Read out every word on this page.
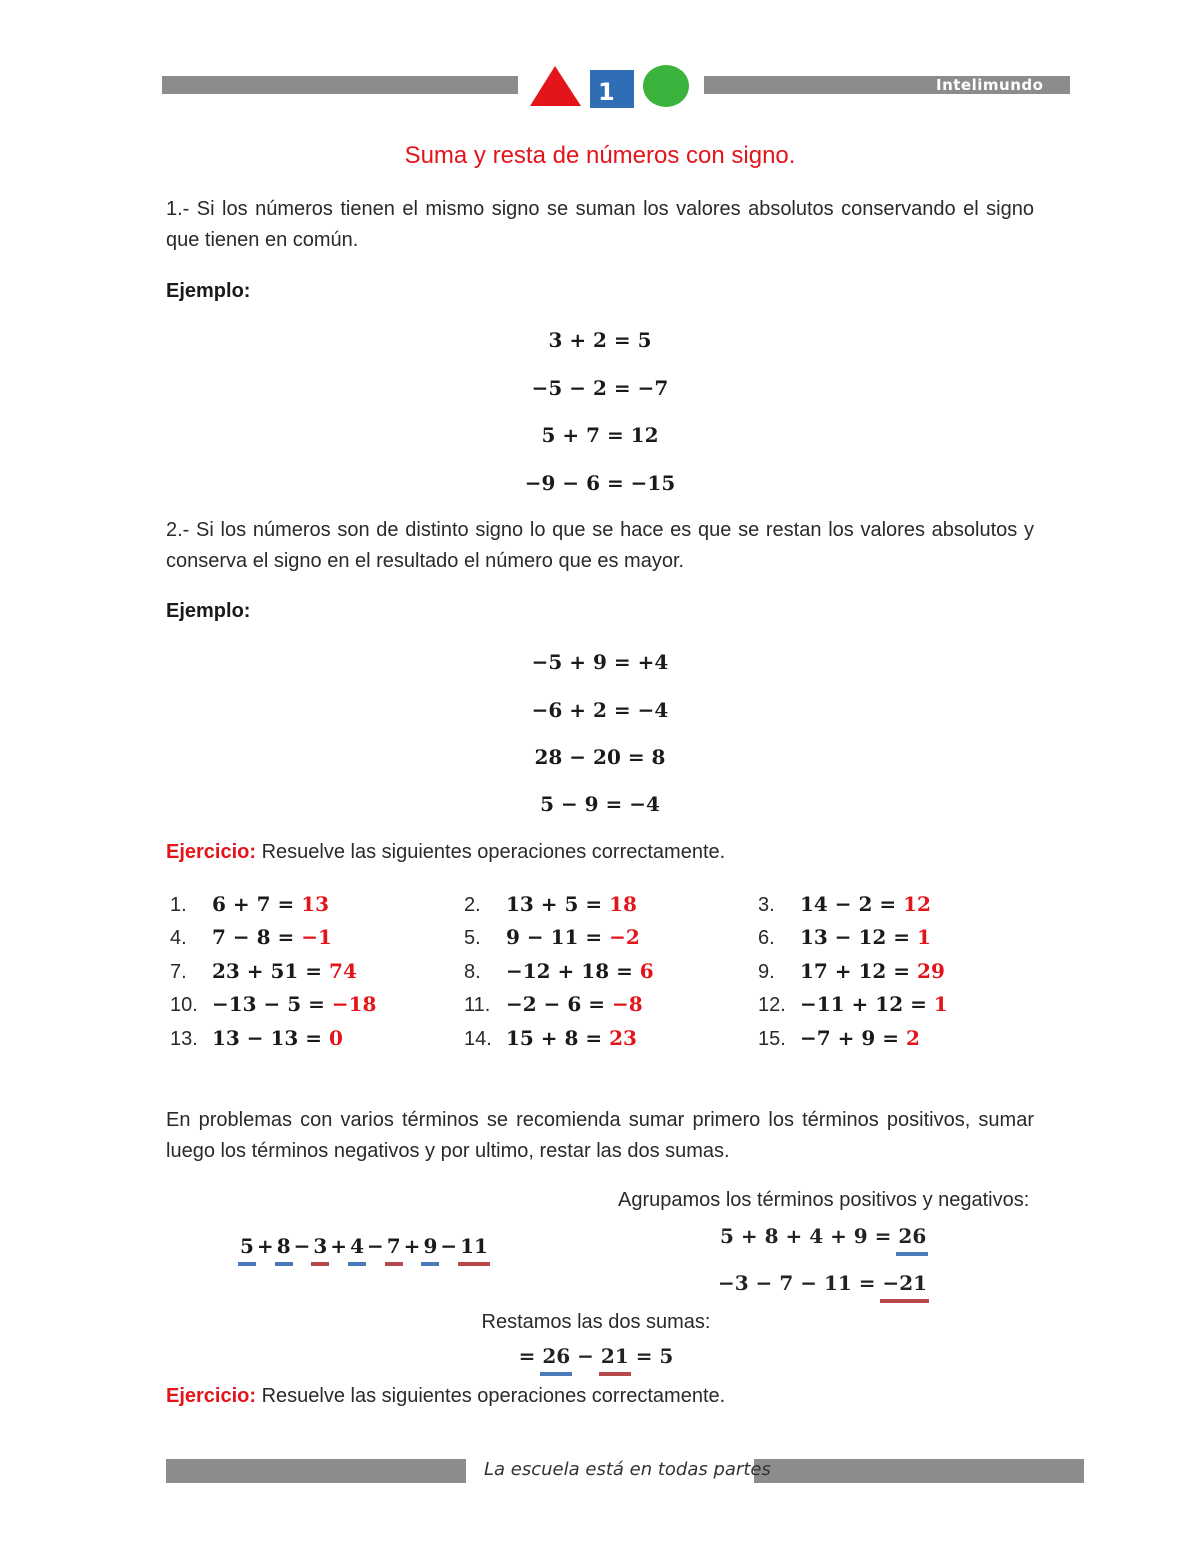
Intelimundo
1
Suma y resta de números con signo.
1.- Si los números tienen el mismo signo se suman los valores absolutos conservando el signo que tienen en común.
Ejemplo:
3 + 2 = 5
−5 − 2 = −7
5 + 7 = 12
−9 − 6 = −15
2.- Si los números son de distinto signo lo que se hace es que se restan los valores absolutos y conserva el signo en el resultado el número que es mayor.
Ejemplo:
−5 + 9 = +4
−6 + 2 = −4
28 − 20 = 8
5 − 9 = −4
Ejercicio: Resuelve las siguientes operaciones correctamente.
1. 6 + 7 = 13	2. 13 + 5 = 18	3. 14 − 2 = 12
4. 7 − 8 = −1	5. 9 − 11 = −2	6. 13 − 12 = 1
7. 23 + 51 = 74	8. −12 + 18 = 6	9. 17 + 12 = 29
10. −13 − 5 = −18	11. −2 − 6 = −8	12. −11 + 12 = 1
13. 13 − 13 = 0	14. 15 + 8 = 23	15. −7 + 9 = 2
En problemas con varios términos se recomienda sumar primero los términos positivos, sumar luego los términos negativos y por ultimo, restar las dos sumas.
Agrupamos los términos positivos y negativos:
5 + 8 − 3 + 4 − 7 + 9 − 11	5 + 8 + 4 + 9 = 26
−3 − 7 − 11 = −21
Restamos las dos sumas:
= 26 − 21 = 5
Ejercicio: Resuelve las siguientes operaciones correctamente.
La escuela está en todas partes
